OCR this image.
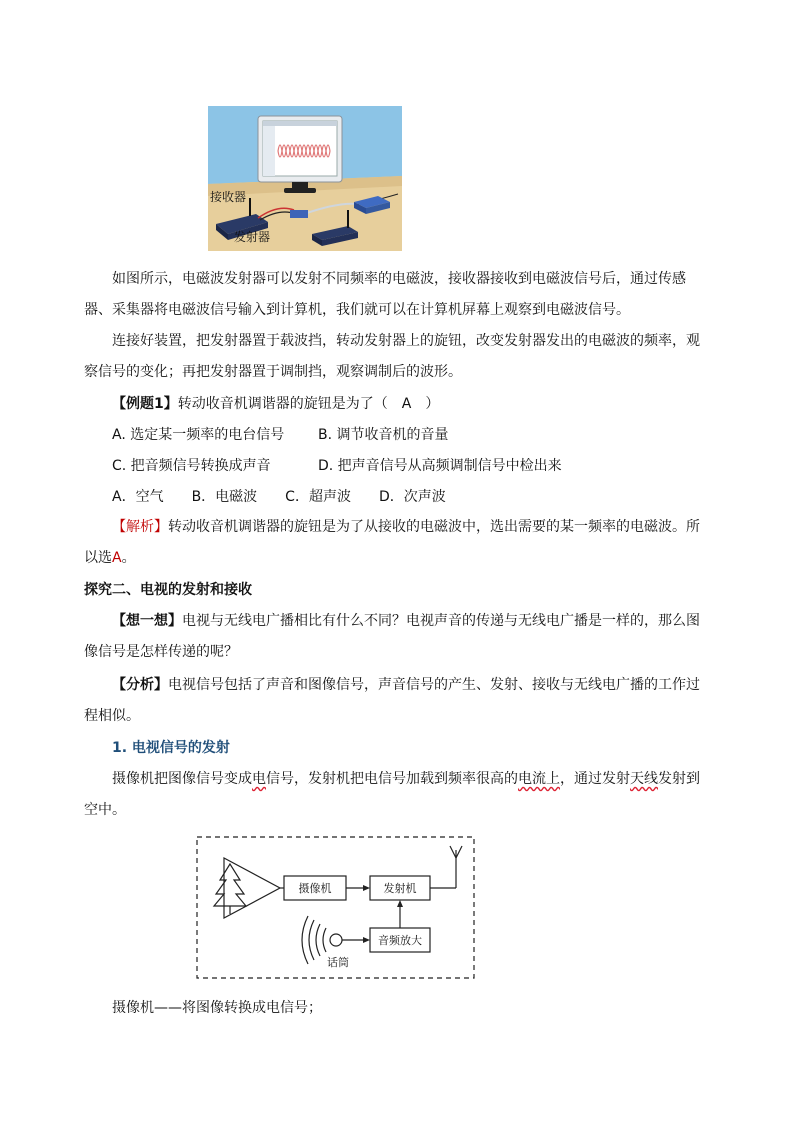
接收器
发射器

如图所示，电磁波发射器可以发射不同频率的电磁波，接收器接收到电磁波信号后，通过传感器、采集器将电磁波信号输入到计算机，我们就可以在计算机屏幕上观察到电磁波信号。

连接好装置，把发射器置于载波挡，转动发射器上的旋钮，改变发射器发出的电磁波的频率，观察信号的变化；再把发射器置于调制挡，观察调制后的波形。

【例题1】转动收音机调谐器的旋钮是为了（　A　）
A. 选定某一频率的电台信号 B. 调节收音机的音量
C. 把音频信号转换成声音	D. 把声音信号从高频调制信号中检出来
A．空气　　B．电磁波　　C．超声波　　D．次声波

【解析】转动收音机调谐器的旋钮是为了从接收的电磁波中，选出需要的某一频率的电磁波。所以选A。

探究二、电视的发射和接收

【想一想】电视与无线电广播相比有什么不同？电视声音的传递与无线电广播是一样的，那么图像信号是怎样传递的呢？

【分析】电视信号包括了声音和图像信号，声音信号的产生、发射、接收与无线电广播的工作过程相似。

1. 电视信号的发射

摄像机把图像信号变成电信号，发射机把电信号加载到频率很高的电流上，通过发射天线发射到空中。

摄像机	发射机
音频放大
话筒
摄像机——将图像转换成电信号；
